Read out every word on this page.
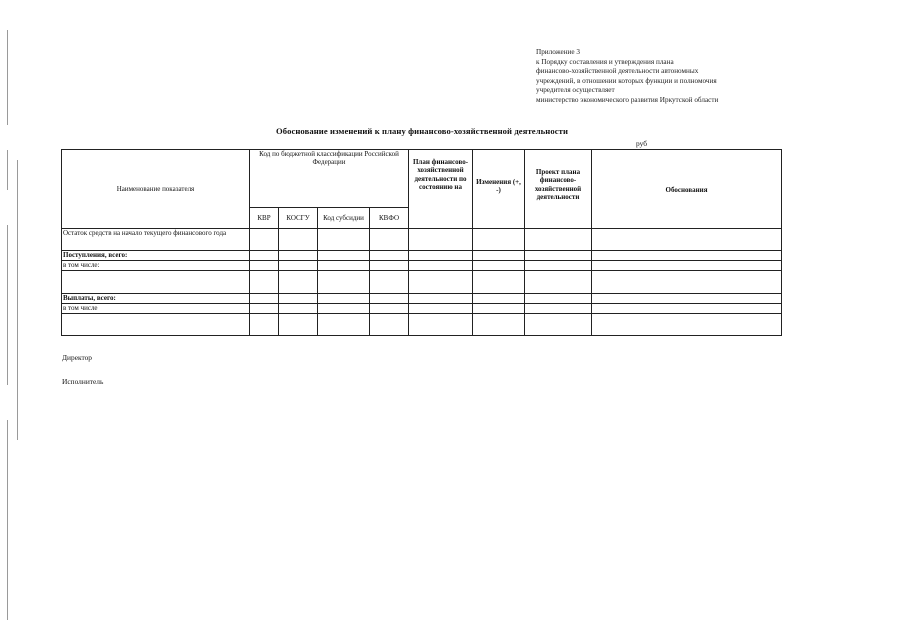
Приложение 3
к Порядку составления и утверждения плана
финансово-хозяйственной деятельности автономных
учреждений, в отношении которых функции и полномочия
учредителя осуществляет
министерство экономического развития Иркутской области
Обоснование изменений к плану финансово-хозяйственной деятельности
руб
Наименование показателя	Код по бюджетной классификации Российской Федерации				План финансово-хозяйственной деятельности по состоянию на	Изменения (+, -)	Проект плана финансово-хозяйственной деятельности	Обоснования
	КВР	КОСГУ	Код субсидии	КВФО				
Остаток средств на начало текущего финансового года								
Поступления, всего:								
в том числе:								

Выплаты, всего:								
в том числе								

Директор
Исполнитель
